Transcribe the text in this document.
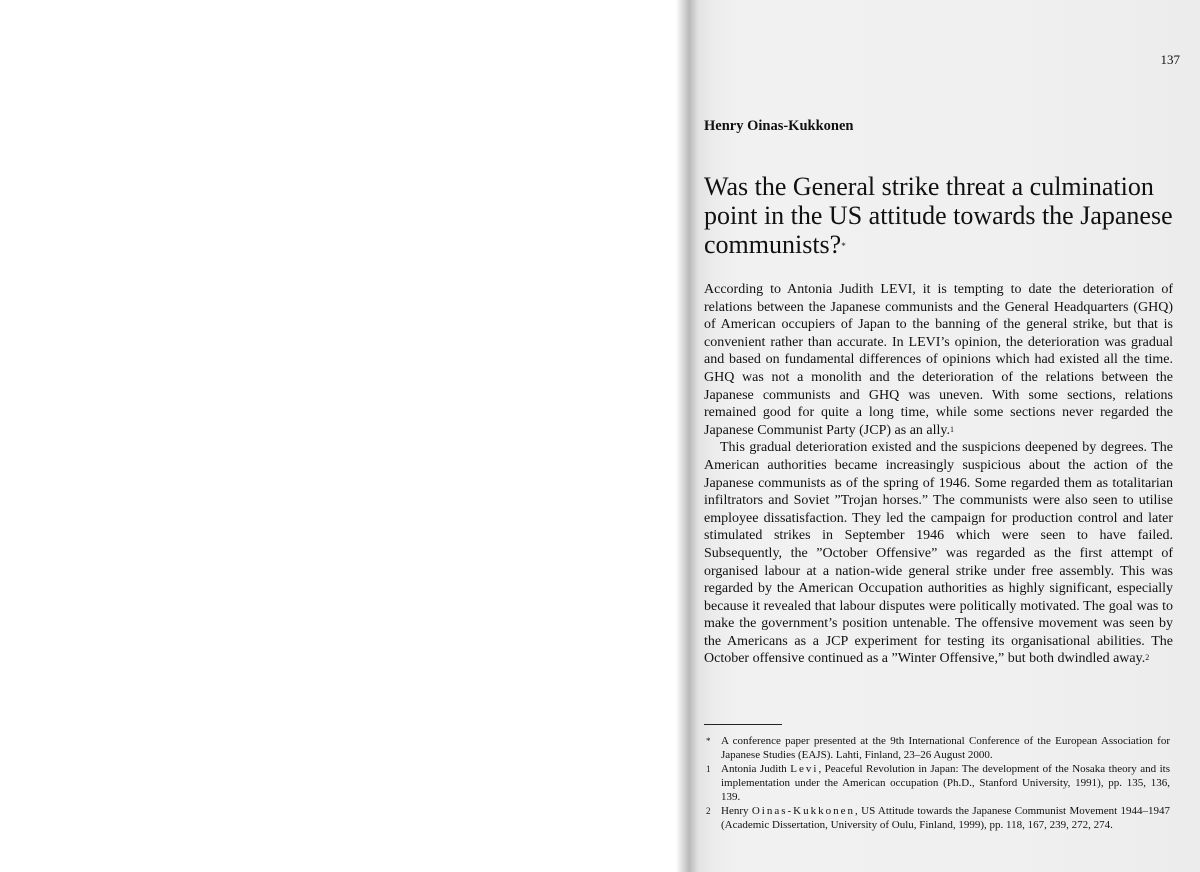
137
Henry Oinas-Kukkonen
Was the General strike threat a culmination point in the US attitude towards the Japanese communists?*

According to Antonia Judith LEVI, it is tempting to date the deterioration of relations between the Japanese communists and the General Headquarters (GHQ) of American occupiers of Japan to the banning of the general strike, but that is convenient rather than accurate. In LEVI’s opinion, the deterioration was gradual and based on fundamental differences of opinions which had existed all the time. GHQ was not a monolith and the deterioration of the relations between the Japanese communists and GHQ was uneven. With some sections, relations remained good for quite a long time, while some sections never regarded the Japanese Communist Party (JCP) as an ally.$^1$

This gradual deterioration existed and the suspicions deepened by degrees. The American authorities became increasingly suspicious about the action of the Japanese communists as of the spring of 1946. Some regarded them as totalitarian infiltrators and Soviet ”Trojan horses.” The communists were also seen to utilise employee dissatisfaction. They led the campaign for production control and later stimulated strikes in September 1946 which were seen to have failed. Subsequently, the ”October Offensive” was regarded as the first attempt of organised labour at a nation-wide general strike under free assembly. This was regarded by the American Occupation authorities as highly significant, especially because it revealed that labour disputes were politically motivated. The goal was to make the government’s position untenable. The offensive movement was seen by the Americans as a JCP experiment for testing its organisational abilities. The October offensive continued as a ”Winter Offensive,” but both dwindled away.$^2$

* A conference paper presented at the 9th International Conference of the European Association for Japanese Studies (EAJS). Lahti, Finland, 23–26 August 2000.
1 Antonia Judith Levi, Peaceful Revolution in Japan: The development of the Nosaka theory and its implementation under the American occupation (Ph.D., Stanford University, 1991), pp. 135, 136, 139.
2 Henry Oinas-Kukkonen, US Attitude towards the Japanese Communist Movement 1944–1947 (Academic Dissertation, University of Oulu, Finland, 1999), pp. 118, 167, 239, 272, 274.
